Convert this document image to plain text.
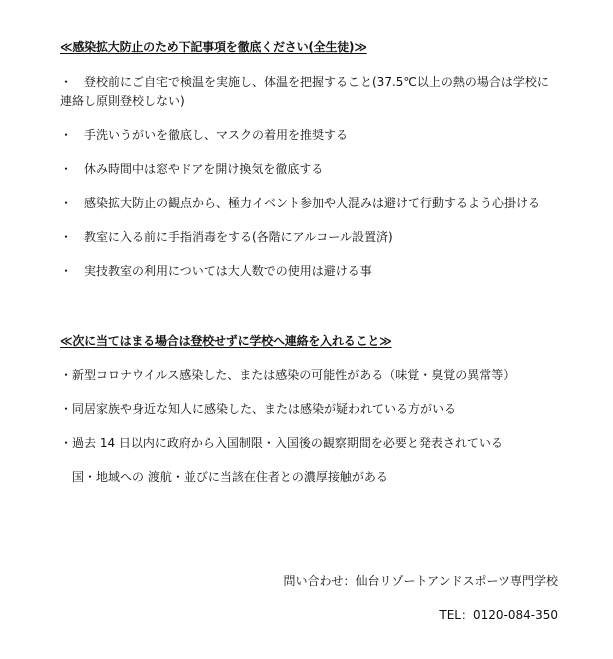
≪感染拡大防止のため下記事項を徹底ください(全生徒)≫
・　登校前にご自宅で検温を実施し、体温を把握すること(37.5℃以上の熱の場合は学校に
連絡し原則登校しない)
・　手洗いうがいを徹底し、マスクの着用を推奨する
・　休み時間中は窓やドアを開け換気を徹底する
・　感染拡大防止の観点から、極力イベント参加や人混みは避けて行動するよう心掛ける
・　教室に入る前に手指消毒をする(各階にアルコール設置済)
・　実技教室の利用については大人数での使用は避ける事
≪次に当てはまる場合は登校せずに学校へ連絡を入れること≫
・新型コロナウイルス感染した、または感染の可能性がある（味覚・臭覚の異常等）
・同居家族や身近な知人に感染した、または感染が疑われている方がいる
・過去 14 日以内に政府から入国制限・入国後の観察期間を必要と発表されている
国・地域への 渡航・並びに当該在住者との濃厚接触がある
問い合わせ：仙台リゾートアンドスポーツ専門学校
TEL：0120-084-350
